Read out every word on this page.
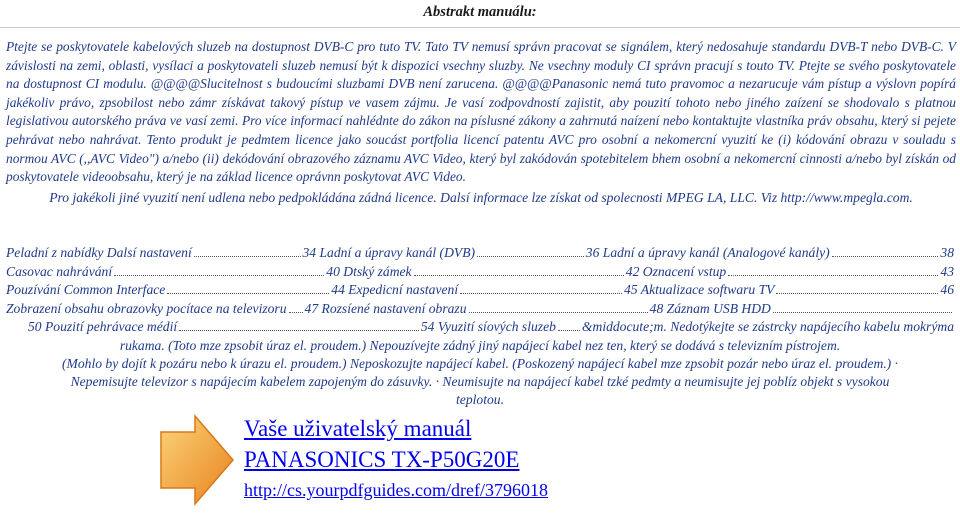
Abstrakt manuálu:

Ptejte se poskytovatele kabelových sluzeb na dostupnost DVB-C pro tuto TV. Tato TV nemusí správn pracovat se signálem, který nedosahuje standardu DVB-T nebo DVB-C. V závislosti na zemi, oblasti, vysílaci a poskytovateli sluzeb nemusí být k dispozici vsechny sluzby. Ne vsechny moduly CI správn pracují s touto TV. Ptejte se svého poskytovatele na dostupnost CI modulu. @@@@Slucitelnost s budoucími sluzbami DVB není zarucena. @@@@Panasonic nemá tuto pravomoc a nezarucuje vám pístup a výslovn popírá jakékoliv právo, zpsobilost nebo zámr získávat takový pístup ve vasem zájmu. Je vasí zodpovdností zajistit, aby pouzití tohoto nebo jiného zaízení se shodovalo s platnou legislativou autorského práva ve vasí zemi. Pro více informací nahlédnte do zákon na píslusné zákony a zahrnutá naízení nebo kontaktujte vlastníka práv obsahu, který si pejete pehrávat nebo nahrávat. Tento produkt je pedmtem licence jako soucást portfolia licencí patentu AVC pro osobní a nekomercní vyuzití ke (i) kódování obrazu v souladu s normou AVC (,,AVC Video") a/nebo (ii) dekódování obrazového záznamu AVC Video, který byl zakódován spotebitelem bhem osobní a nekomercní cinnosti a/nebo byl získán od poskytovatele videoobsahu, který je na základ licence oprávnn poskytovat AVC Video.

Pro jakékoli jiné vyuzití není udlena nebo pedpokládána zádná licence. Dalsí informace lze získat od spolecnosti MPEG LA, LLC. Viz http://www.mpegla.com.

Peladní z nabídky Dalsí nastavení	34 Ladní a úpravy kanál (DVB)	36 Ladní a úpravy kanál (Analogové kanály)	38
Casovac nahrávání	40 Dtský zámek	42 Oznacení vstup	43
Pouzívání Common Interface	44 Expedicní nastavení	45 Aktualizace softwaru TV	46
Zobrazení obsahu obrazovky pocítace na televizoru 47 Rozsíené nastavení obrazu	48 Záznam USB HDD
50 Pouzití pehrávace médií	54 Vyuzití síových sluzeb &middocute;m. Nedotýkejte se zástrcky napájecího kabelu mokrýma
rukama. (Toto mze zpsobit úraz el. proudem.) Nepouzívejte zádný jiný napájecí kabel nez ten, který se dodává s televizním pístrojem.
(Mohlo by dojít k pozáru nebo k úrazu el. proudem.) Neposkozujte napájecí kabel. (Poskozený napájecí kabel mze zpsobit pozár nebo úraz el. proudem.) ·
Nepemisujte televizor s napájecím kabelem zapojeným do zásuvky. · Neumisujte na napájecí kabel tzké pedmty a neumisujte jej poblíz objekt s vysokou
teplotou.
Vaše uživatelský manuál
PANASONICS TX-P50G20E
http://cs.yourpdfguides.com/dref/3796018
